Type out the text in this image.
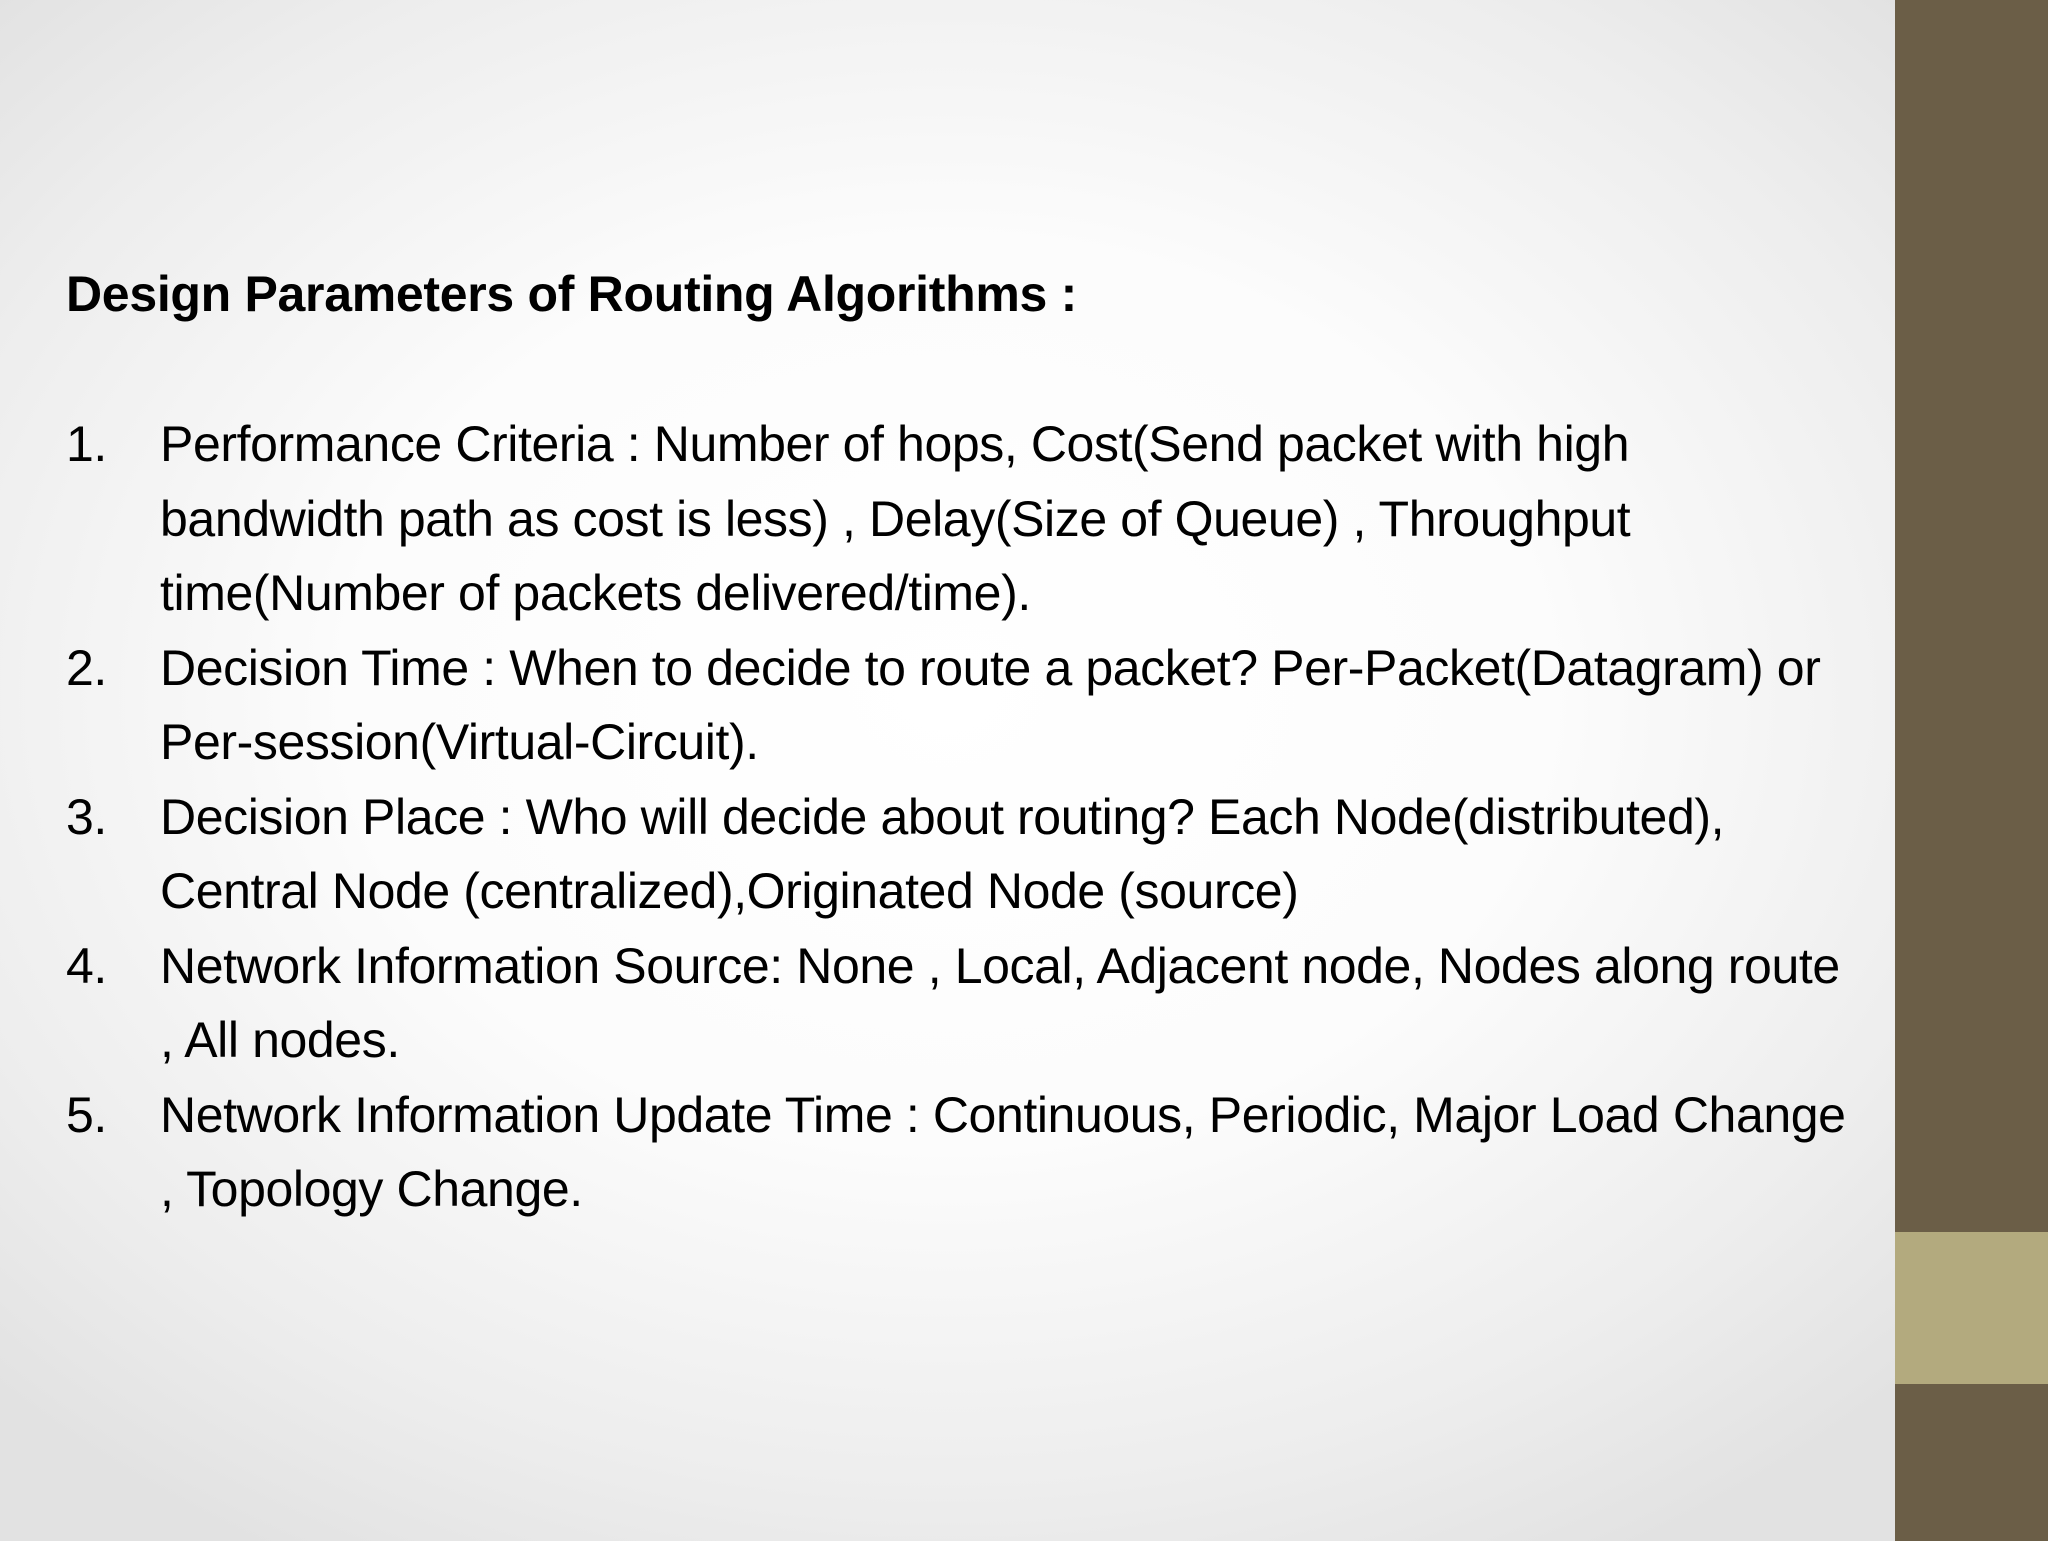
Design Parameters of Routing Algorithms :
1. Performance Criteria : Number of hops, Cost(Send packet with high bandwidth path as cost is less) , Delay(Size of Queue) , Throughput time(Number of packets delivered/time).
2. Decision Time : When to decide to route a packet? Per-Packet(Datagram) or Per-session(Virtual-Circuit).
3. Decision Place : Who will decide about routing? Each Node(distributed), Central Node (centralized),Originated Node (source)
4. Network Information Source: None , Local, Adjacent node, Nodes along route , All nodes.
5. Network Information Update Time : Continuous, Periodic, Major Load Change , Topology Change.
